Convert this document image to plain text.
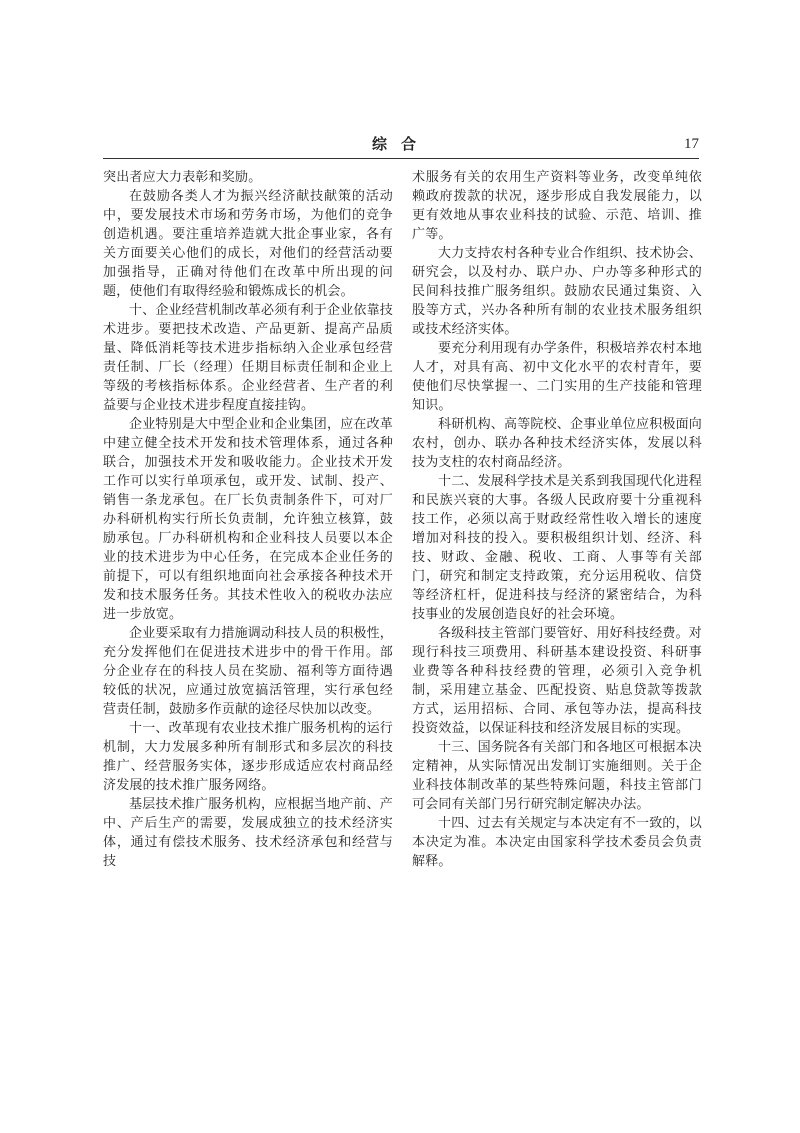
综合	17

突出者应大力表彰和奖励。

在鼓励各类人才为振兴经济献技献策的活动中，要发展技术市场和劳务市场，为他们的竞争创造机遇。要注重培养造就大批企事业家，各有关方面要关心他们的成长，对他们的经营活动要加强指导，正确对待他们在改革中所出现的问题，使他们有取得经验和锻炼成长的机会。

十、企业经营机制改革必须有利于企业依靠技术进步。要把技术改造、产品更新、提高产品质量、降低消耗等技术进步指标纳入企业承包经营责任制、厂长（经理）任期目标责任制和企业上等级的考核指标体系。企业经营者、生产者的利益要与企业技术进步程度直接挂钩。

企业特别是大中型企业和企业集团，应在改革中建立健全技术开发和技术管理体系，通过各种联合，加强技术开发和吸收能力。企业技术开发工作可以实行单项承包，或开发、试制、投产、销售一条龙承包。在厂长负责制条件下，可对厂办科研机构实行所长负责制，允许独立核算，鼓励承包。厂办科研机构和企业科技人员要以本企业的技术进步为中心任务，在完成本企业任务的前提下，可以有组织地面向社会承接各种技术开发和技术服务任务。其技术性收入的税收办法应进一步放宽。

企业要采取有力措施调动科技人员的积极性，充分发挥他们在促进技术进步中的骨干作用。部分企业存在的科技人员在奖励、福利等方面待遇较低的状况，应通过放宽搞活管理，实行承包经营责任制，鼓励多作贡献的途径尽快加以改变。

十一、改革现有农业技术推广服务机构的运行机制，大力发展多种所有制形式和多层次的科技推广、经营服务实体，逐步形成适应农村商品经济发展的技术推广服务网络。

基层技术推广服务机构，应根据当地产前、产中、产后生产的需要，发展成独立的技术经济实体，通过有偿技术服务、技术经济承包和经营与技

术服务有关的农用生产资料等业务，改变单纯依赖政府拨款的状况，逐步形成自我发展能力，以更有效地从事农业科技的试验、示范、培训、推广等。

大力支持农村各种专业合作组织、技术协会、研究会，以及村办、联户办、户办等多种形式的民间科技推广服务组织。鼓励农民通过集资、入股等方式，兴办各种所有制的农业技术服务组织或技术经济实体。

要充分利用现有办学条件，积极培养农村本地人才，对具有高、初中文化水平的农村青年，要使他们尽快掌握一、二门实用的生产技能和管理知识。

科研机构、高等院校、企事业单位应积极面向农村，创办、联办各种技术经济实体，发展以科技为支柱的农村商品经济。

十二、发展科学技术是关系到我国现代化进程和民族兴衰的大事。各级人民政府要十分重视科技工作，必须以高于财政经常性收入增长的速度增加对科技的投入。要积极组织计划、经济、科技、财政、金融、税收、工商、人事等有关部门，研究和制定支持政策，充分运用税收、信贷等经济杠杆，促进科技与经济的紧密结合，为科技事业的发展创造良好的社会环境。

各级科技主管部门要管好、用好科技经费。对现行科技三项费用、科研基本建设投资、科研事业费等各种科技经费的管理，必须引入竞争机制，采用建立基金、匹配投资、贴息贷款等拨款方式，运用招标、合同、承包等办法，提高科技投资效益，以保证科技和经济发展目标的实现。

十三、国务院各有关部门和各地区可根据本决定精神，从实际情况出发制订实施细则。关于企业科技体制改革的某些特殊问题，科技主管部门可会同有关部门另行研究制定解决办法。

十四、过去有关规定与本决定有不一致的，以本决定为准。本决定由国家科学技术委员会负责解释。
